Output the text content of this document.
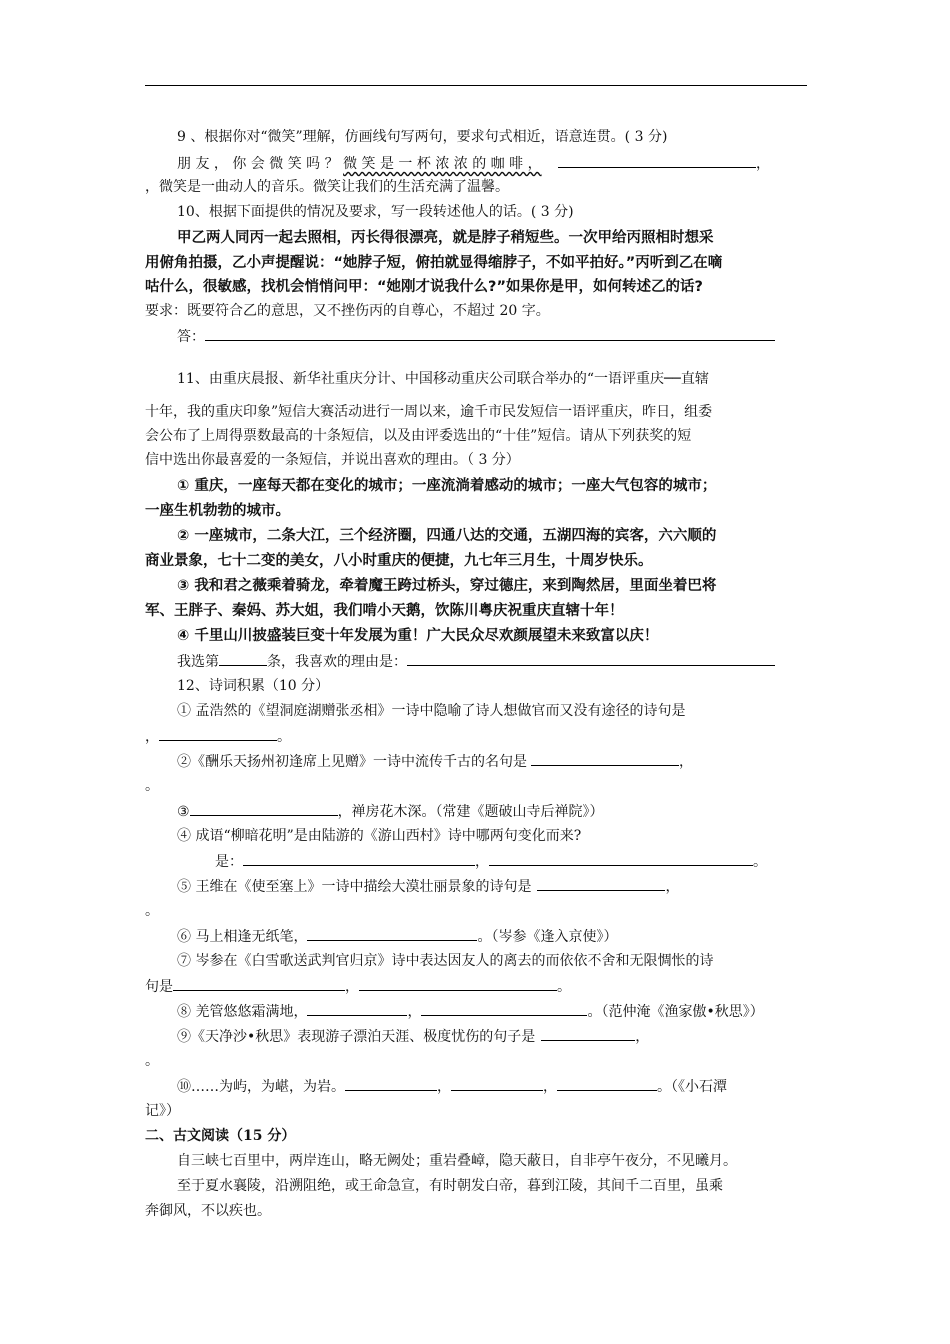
9 、根据你对“微笑”理解，仿画线句写两句，要求句式相近，语意连贯。( 3 分)
朋 友 ， 你 会 微 笑 吗 ？ 微 笑 是 一 杯 浓 浓 的 咖 啡 ，	，
，微笑是一曲动人的音乐。微笑让我们的生活充满了温馨。
10、根据下面提供的情况及要求，写一段转述他人的话。( 3 分)
甲乙两人同丙一起去照相，丙长得很漂亮，就是脖子稍短些。一次甲给丙照相时想采
用俯角拍摄，乙小声提醒说：“她脖子短，俯拍就显得缩脖子，不如平拍好。”丙听到乙在嘀
咕什么，很敏感，找机会悄悄问甲：“她刚才说我什么?”如果你是甲，如何转述乙的话?
要求：既要符合乙的意思，又不挫伤丙的自尊心，不超过 20 字。
答：
11、由重庆晨报、新华社重庆分计、中国移动重庆公司联合举办的“一语评重庆──直辖
十年，我的重庆印象”短信大赛活动进行一周以来，逾千市民发短信一语评重庆，昨日，组委
会公布了上周得票数最高的十条短信，以及由评委选出的“十佳”短信。请从下列获奖的短
信中选出你最喜爱的一条短信，并说出喜欢的理由。（ 3 分）
① 重庆，一座每天都在变化的城市；一座流淌着感动的城市；一座大气包容的城市；
一座生机勃勃的城市。
② 一座城市，二条大江，三个经济圈，四通八达的交通，五湖四海的宾客，六六顺的
商业景象，七十二变的美女，八小时重庆的便捷，九七年三月生，十周岁快乐。
③ 我和君之薇乘着骑龙，牵着魔王跨过桥头，穿过德庄，来到陶然居，里面坐着巴将
军、王胖子、秦妈、苏大姐，我们啃小天鹅，饮陈川粤庆祝重庆直辖十年！
④ 千里山川披盛装巨变十年发展为重！广大民众尽欢颜展望未来致富以庆！
我选第	条，我喜欢的理由是：
12、诗词积累（10 分）
① 孟浩然的《望洞庭湖赠张丞相》一诗中隐喻了诗人想做官而又没有途径的诗句是
，	。
②《酬乐天扬州初逢席上见赠》一诗中流传千古的名句是	，
。
③	，禅房花木深。（常建《题破山寺后禅院》）
④ 成语“柳暗花明”是由陆游的《游山西村》诗中哪两句变化而来?
是：	，	。
⑤ 王维在《使至塞上》一诗中描绘大漠壮丽景象的诗句是	，
。
⑥ 马上相逢无纸笔，	。（岑参《逢入京使》）
⑦ 岑参在《白雪歌送武判官归京》诗中表达因友人的离去的而依依不舍和无限惆怅的诗
句是	，	。
⑧ 羌管悠悠霜满地，	，	。（范仲淹《渔家傲•秋思》）
⑨《天净沙•秋思》表现游子漂泊天涯、极度忧伤的句子是	，
。
⑩……为屿，为嵁，为岩。	，	，	。（《小石潭
记》）
二、古文阅读（15 分）
自三峡七百里中，两岸连山，略无阙处；重岩叠嶂，隐天蔽日，自非亭午夜分，不见曦月。
至于夏水襄陵，沿溯阻绝，或王命急宣，有时朝发白帝，暮到江陵，其间千二百里，虽乘
奔御风，不以疾也。
